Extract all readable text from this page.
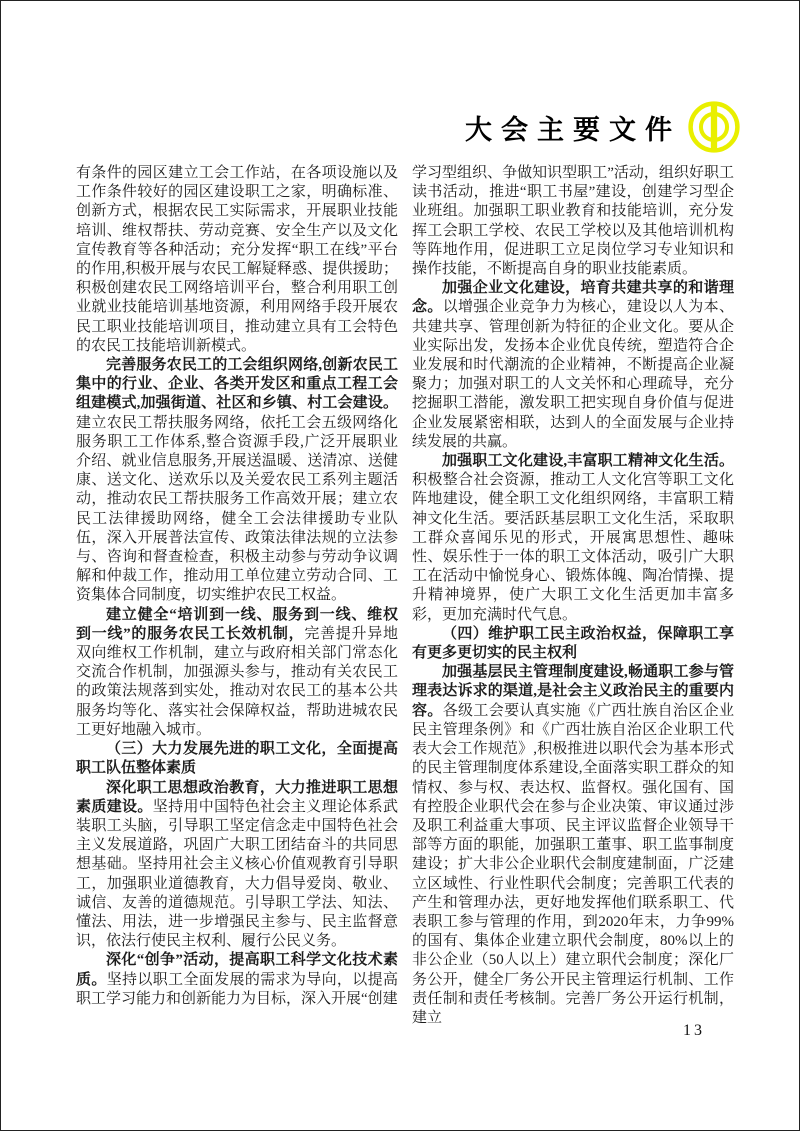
大会主要文件

有条件的园区建立工会工作站，在各项设施以及工作条件较好的园区建设职工之家，明确标准、创新方式，根据农民工实际需求，开展职业技能培训、维权帮扶、劳动竞赛、安全生产以及文化宣传教育等各种活动；充分发挥“职工在线”平台的作用,积极开展与农民工解疑释惑、提供援助；积极创建农民工网络培训平台，整合利用职工创业就业技能培训基地资源，利用网络手段开展农民工职业技能培训项目，推动建立具有工会特色的农民工技能培训新模式。

完善服务农民工的工会组织网络,创新农民工集中的行业、企业、各类开发区和重点工程工会组建模式,加强街道、社区和乡镇、村工会建设。建立农民工帮扶服务网络，依托工会五级网络化服务职工工作体系,整合资源手段,广泛开展职业介绍、就业信息服务,开展送温暖、送清凉、送健康、送文化、送欢乐以及关爱农民工系列主题活动，推动农民工帮扶服务工作高效开展；建立农民工法律援助网络，健全工会法律援助专业队伍，深入开展普法宣传、政策法律法规的立法参与、咨询和督查检查，积极主动参与劳动争议调解和仲裁工作，推动用工单位建立劳动合同、工资集体合同制度，切实维护农民工权益。

建立健全“培训到一线、服务到一线、维权到一线”的服务农民工长效机制，完善提升异地双向维权工作机制，建立与政府相关部门常态化交流合作机制，加强源头参与，推动有关农民工的政策法规落到实处，推动对农民工的基本公共服务均等化、落实社会保障权益，帮助进城农民工更好地融入城市。

（三）大力发展先进的职工文化，全面提高职工队伍整体素质

深化职工思想政治教育，大力推进职工思想素质建设。坚持用中国特色社会主义理论体系武装职工头脑，引导职工坚定信念走中国特色社会主义发展道路，巩固广大职工团结奋斗的共同思想基础。坚持用社会主义核心价值观教育引导职工，加强职业道德教育，大力倡导爱岗、敬业、诚信、友善的道德规范。引导职工学法、知法、懂法、用法，进一步增强民主参与、民主监督意识，依法行使民主权利、履行公民义务。

深化“创争”活动，提高职工科学文化技术素质。坚持以职工全面发展的需求为导向，以提高职工学习能力和创新能力为目标，深入开展“创建

学习型组织、争做知识型职工”活动，组织好职工读书活动，推进“职工书屋”建设，创建学习型企业班组。加强职工职业教育和技能培训，充分发挥工会职工学校、农民工学校以及其他培训机构等阵地作用，促进职工立足岗位学习专业知识和操作技能，不断提高自身的职业技能素质。

加强企业文化建设，培育共建共享的和谐理念。以增强企业竞争力为核心，建设以人为本、共建共享、管理创新为特征的企业文化。要从企业实际出发，发扬本企业优良传统，塑造符合企业发展和时代潮流的企业精神，不断提高企业凝聚力；加强对职工的人文关怀和心理疏导，充分挖掘职工潜能，激发职工把实现自身价值与促进企业发展紧密相联，达到人的全面发展与企业持续发展的共赢。

加强职工文化建设,丰富职工精神文化生活。积极整合社会资源，推动工人文化宫等职工文化阵地建设，健全职工文化组织网络，丰富职工精神文化生活。要活跃基层职工文化生活，采取职工群众喜闻乐见的形式，开展寓思想性、趣味性、娱乐性于一体的职工文体活动，吸引广大职工在活动中愉悦身心、锻炼体魄、陶冶情操、提升精神境界，使广大职工文化生活更加丰富多彩，更加充满时代气息。

（四）维护职工民主政治权益，保障职工享有更多更切实的民主权利

加强基层民主管理制度建设,畅通职工参与管理表达诉求的渠道,是社会主义政治民主的重要内容。各级工会要认真实施《广西壮族自治区企业民主管理条例》和《广西壮族自治区企业职工代表大会工作规范》,积极推进以职代会为基本形式的民主管理制度体系建设,全面落实职工群众的知情权、参与权、表达权、监督权。强化国有、国有控股企业职代会在参与企业决策、审议通过涉及职工利益重大事项、民主评议监督企业领导干部等方面的职能，加强职工董事、职工监事制度建设；扩大非公企业职代会制度建制面，广泛建立区域性、行业性职代会制度；完善职工代表的产生和管理办法，更好地发挥他们联系职工、代表职工参与管理的作用，到2020年末，力争99%的国有、集体企业建立职代会制度，80%以上的非公企业（50人以上）建立职代会制度；深化厂务公开，健全厂务公开民主管理运行机制、工作责任制和责任考核制。完善厂务公开运行机制，建立

13
